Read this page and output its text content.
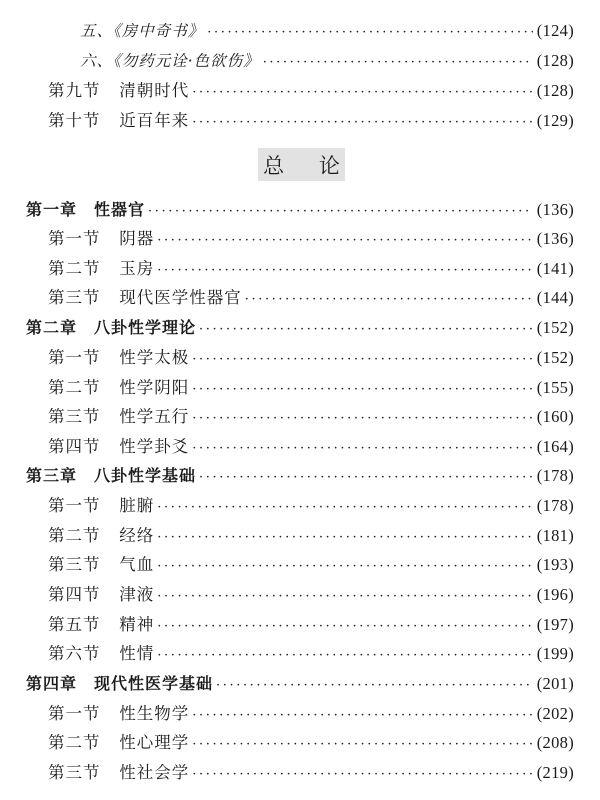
五、《房中奇书》 ·····	(124)
六、《勿药元诠·色欲伤》 ·····	(128)
第九节 清朝时代 ·····	(128)
第十节 近百年来 ·····	(129)
总 论
第一章　性器官 ·····	(136)
第一节 阴器 ·····	(136)
第二节 玉房 ·····	(141)
第三节 现代医学性器官 ·····	(144)
第二章　八卦性学理论 ·····	(152)
第一节 性学太极 ·····	(152)
第二节 性学阴阳 ·····	(155)
第三节 性学五行 ·····	(160)
第四节 性学卦爻 ·····	(164)
第三章　八卦性学基础 ·····	(178)
第一节 脏腑 ·····	(178)
第二节 经络 ·····	(181)
第三节 气血 ·····	(193)
第四节 津液 ·····	(196)
第五节 精神 ·····	(197)
第六节 性情 ·····	(199)
第四章　现代性医学基础 ·····	(201)
第一节 性生物学 ·····	(202)
第二节 性心理学 ·····	(208)
第三节 性社会学 ·····	(219)
